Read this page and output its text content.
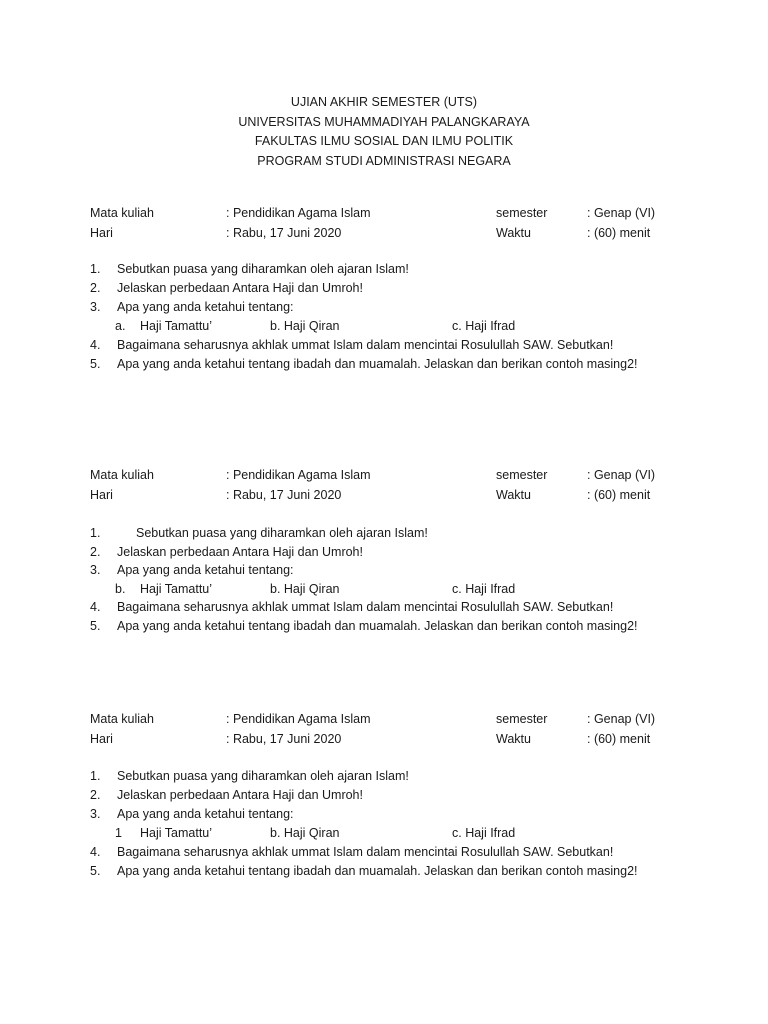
UJIAN AKHIR SEMESTER (UTS)
UNIVERSITAS MUHAMMADIYAH PALANGKARAYA
FAKULTAS ILMU SOSIAL DAN ILMU POLITIK
PROGRAM STUDI ADMINISTRASI NEGARA
Mata kuliah	: Pendidikan Agama Islam	semester	: Genap (VI)
Hari	: Rabu, 17 Juni 2020	Waktu	: (60) menit
1. Sebutkan puasa yang diharamkan oleh ajaran Islam!
2. Jelaskan perbedaan Antara Haji dan Umroh!
3. Apa yang anda ketahui tentang:
a. Haji Tamattu’	b. Haji Qiran	c. Haji Ifrad
4. Bagaimana seharusnya akhlak ummat Islam dalam mencintai Rosulullah SAW. Sebutkan!
5. Apa yang anda ketahui tentang ibadah dan muamalah. Jelaskan dan berikan contoh masing2!
Mata kuliah	: Pendidikan Agama Islam	semester	: Genap (VI)
Hari	: Rabu, 17 Juni 2020	Waktu	: (60) menit
1.	Sebutkan puasa yang diharamkan oleh ajaran Islam!
2. Jelaskan perbedaan Antara Haji dan Umroh!
3. Apa yang anda ketahui tentang:
b. Haji Tamattu’	b. Haji Qiran	c. Haji Ifrad
4. Bagaimana seharusnya akhlak ummat Islam dalam mencintai Rosulullah SAW. Sebutkan!
5. Apa yang anda ketahui tentang ibadah dan muamalah. Jelaskan dan berikan contoh masing2!
Mata kuliah	: Pendidikan Agama Islam	semester	: Genap (VI)
Hari	: Rabu, 17 Juni 2020	Waktu	: (60) menit
1. Sebutkan puasa yang diharamkan oleh ajaran Islam!
2. Jelaskan perbedaan Antara Haji dan Umroh!
3. Apa yang anda ketahui tentang:
1 Haji Tamattu’	b. Haji Qiran	c. Haji Ifrad
4. Bagaimana seharusnya akhlak ummat Islam dalam mencintai Rosulullah SAW. Sebutkan!
5. Apa yang anda ketahui tentang ibadah dan muamalah. Jelaskan dan berikan contoh masing2!
